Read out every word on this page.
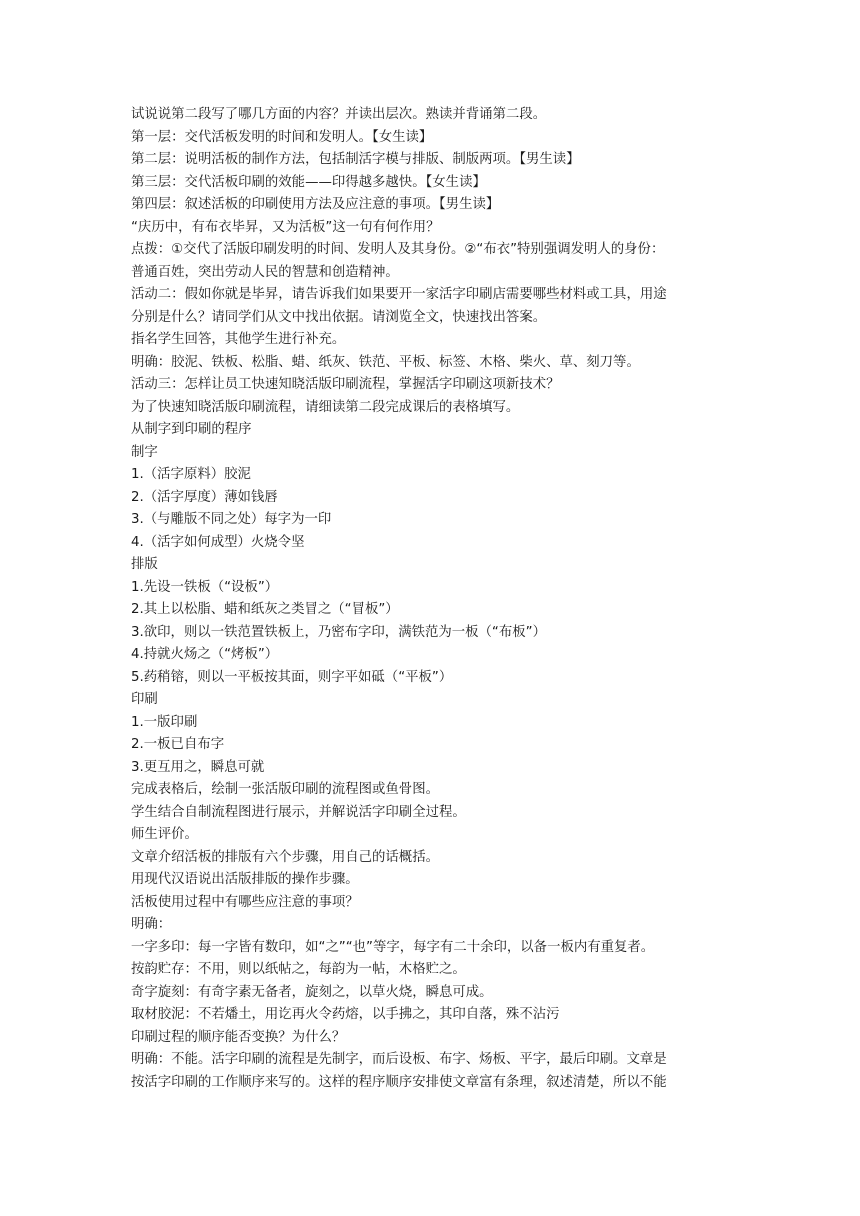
试说说第二段写了哪几方面的内容？并读出层次。熟读并背诵第二段。

第一层：交代活板发明的时间和发明人。【女生读】

第二层：说明活板的制作方法，包括制活字模与排版、制版两项。【男生读】

第三层：交代活板印刷的效能——印得越多越快。【女生读】

第四层：叙述活板的印刷使用方法及应注意的事项。【男生读】

“庆历中，有布衣毕昇，又为活板”这一句有何作用？

点拨：①交代了活版印刷发明的时间、发明人及其身份。②“布衣”特别强调发明人的身份：

普通百姓，突出劳动人民的智慧和创造精神。

活动二：假如你就是毕昇，请告诉我们如果要开一家活字印刷店需要哪些材料或工具，用途

分别是什么？请同学们从文中找出依据。请浏览全文，快速找出答案。

指名学生回答，其他学生进行补充。

明确：胶泥、铁板、松脂、蜡、纸灰、铁范、平板、标签、木格、柴火、草、刻刀等。

活动三：怎样让员工快速知晓活版印刷流程，掌握活字印刷这项新技术？

为了快速知晓活版印刷流程，请细读第二段完成课后的表格填写。

从制字到印刷的程序

制字

1.（活字原料）胶泥

2.（活字厚度）薄如钱唇

3.（与雕版不同之处）每字为一印

4.（活字如何成型）火烧令坚

排版

1.先设一铁板（“设板”）

2.其上以松脂、蜡和纸灰之类冒之（“冒板”）

3.欲印，则以一铁范置铁板上，乃密布字印，满铁范为一板（“布板”）

4.持就火炀之（“烤板”）

5.药稍镕，则以一平板按其面，则字平如砥（“平板”）

印刷

1.一版印刷

2.一板已自布字

3.更互用之，瞬息可就

完成表格后，绘制一张活版印刷的流程图或鱼骨图。

学生结合自制流程图进行展示，并解说活字印刷全过程。

师生评价。

文章介绍活板的排版有六个步骤，用自己的话概括。

用现代汉语说出活版排版的操作步骤。

活板使用过程中有哪些应注意的事项？

明确：

一字多印：每一字皆有数印，如“之”“也”等字，每字有二十余印，以备一板内有重复者。

按韵贮存：不用，则以纸帖之，每韵为一帖，木格贮之。

奇字旋刻：有奇字素无备者，旋刻之，以草火烧，瞬息可成。

取材胶泥：不若燔土，用讫再火令药熔，以手拂之，其印自落，殊不沾污

印刷过程的顺序能否变换？为什么？

明确：不能。活字印刷的流程是先制字，而后设板、布字、炀板、平字，最后印刷。文章是

按活字印刷的工作顺序来写的。这样的程序顺序安排使文章富有条理，叙述清楚，所以不能
